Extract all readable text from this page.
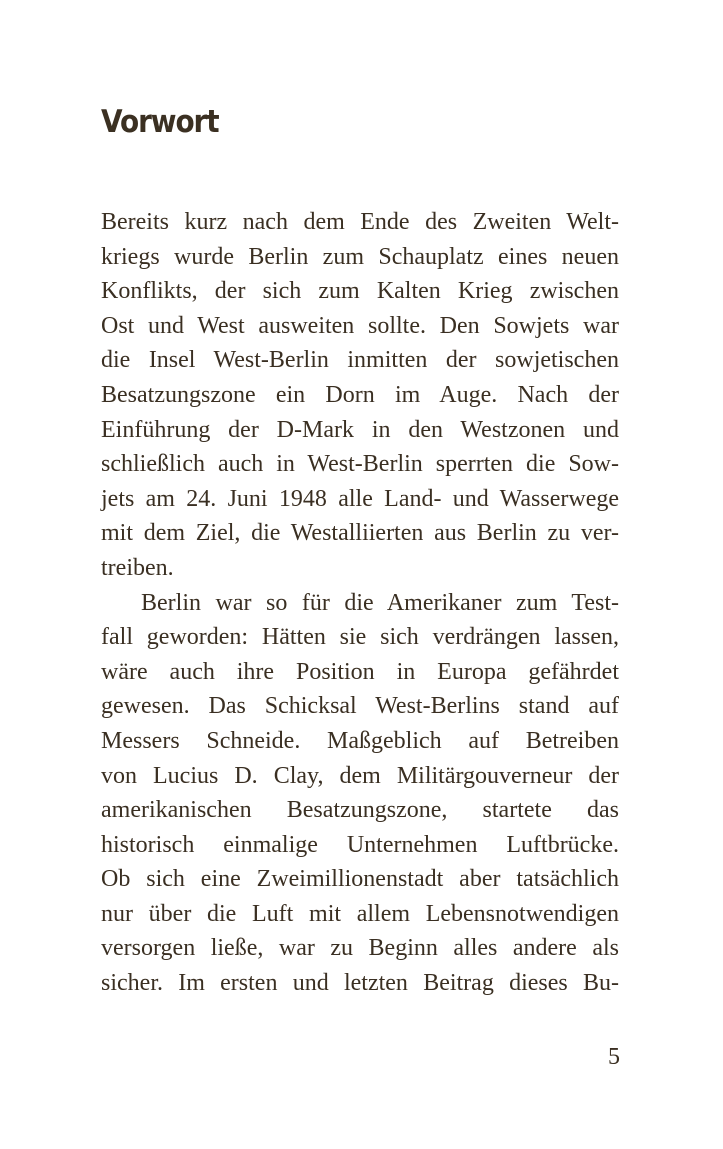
Vorwort
Bereits kurz nach dem Ende des Zweiten Welt-
kriegs wurde Berlin zum Schauplatz eines neuen
Konflikts, der sich zum Kalten Krieg zwischen
Ost und West ausweiten sollte. Den Sowjets war
die Insel West-Berlin inmitten der sowjetischen
Besatzungszone ein Dorn im Auge. Nach der
Einführung der D-Mark in den Westzonen und
schließlich auch in West-Berlin sperrten die Sow-
jets am 24. Juni 1948 alle Land- und Wasserwege
mit dem Ziel, die Westalliierten aus Berlin zu ver-
treiben.
Berlin war so für die Amerikaner zum Test-
fall geworden: Hätten sie sich verdrängen lassen,
wäre auch ihre Position in Europa gefährdet
gewesen. Das Schicksal West-Berlins stand auf
Messers Schneide. Maßgeblich auf Betreiben
von Lucius D. Clay, dem Militärgouverneur der
amerikanischen Besatzungszone, startete das
historisch einmalige Unternehmen Luftbrücke.
Ob sich eine Zweimillionenstadt aber tatsächlich
nur über die Luft mit allem Lebensnotwendigen
versorgen ließe, war zu Beginn alles andere als
sicher. Im ersten und letzten Beitrag dieses Bu-
5
